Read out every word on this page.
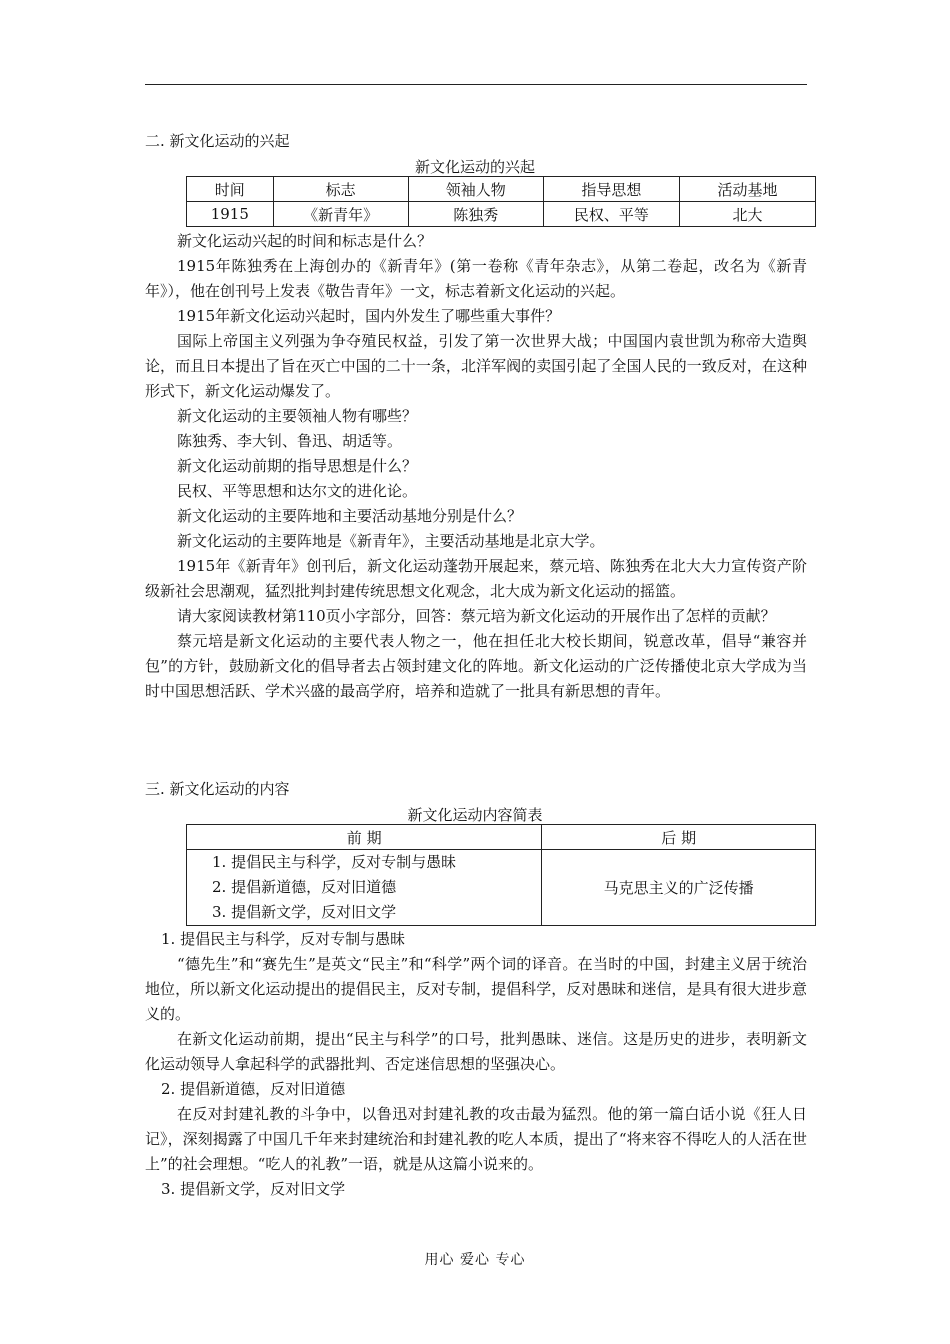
二. 新文化运动的兴起
新文化运动的兴起
时间	标志	领袖人物	指导思想	活动基地
1915	《新青年》	陈独秀	民权、平等	北大

新文化运动兴起的时间和标志是什么？

1915年陈独秀在上海创办的《新青年》(第一卷称《青年杂志》，从第二卷起，改名为《新青年》），他在创刊号上发表《敬告青年》一文，标志着新文化运动的兴起。

1915年新文化运动兴起时，国内外发生了哪些重大事件？

国际上帝国主义列强为争夺殖民权益，引发了第一次世界大战；中国国内袁世凯为称帝大造舆论，而且日本提出了旨在灭亡中国的二十一条，北洋军阀的卖国引起了全国人民的一致反对，在这种形式下，新文化运动爆发了。

新文化运动的主要领袖人物有哪些？

陈独秀、李大钊、鲁迅、胡适等。

新文化运动前期的指导思想是什么？

民权、平等思想和达尔文的进化论。

新文化运动的主要阵地和主要活动基地分别是什么？

新文化运动的主要阵地是《新青年》，主要活动基地是北京大学。

1915年《新青年》创刊后，新文化运动蓬勃开展起来，蔡元培、陈独秀在北大大力宣传资产阶级新社会思潮观，猛烈批判封建传统思想文化观念，北大成为新文化运动的摇篮。

请大家阅读教材第110页小字部分，回答：蔡元培为新文化运动的开展作出了怎样的贡献？

蔡元培是新文化运动的主要代表人物之一，他在担任北大校长期间，锐意改革，倡导“兼容并包”的方针，鼓励新文化的倡导者去占领封建文化的阵地。新文化运动的广泛传播使北京大学成为当时中国思想活跃、学术兴盛的最高学府，培养和造就了一批具有新思想的青年。

三. 新文化运动的内容
新文化运动内容简表
前 期	后 期

1. 提倡民主与科学，反对专制与愚昧
2. 提倡新道德，反对旧道德
3. 提倡新文学，反对旧文学	马克思主义的广泛传播

1. 提倡民主与科学，反对专制与愚昧

“德先生”和“赛先生”是英文“民主”和“科学”两个词的译音。在当时的中国，封建主义居于统治地位，所以新文化运动提出的提倡民主，反对专制，提倡科学，反对愚昧和迷信，是具有很大进步意义的。

在新文化运动前期，提出“民主与科学”的口号，批判愚昧、迷信。这是历史的进步，表明新文化运动领导人拿起科学的武器批判、否定迷信思想的坚强决心。

2. 提倡新道德，反对旧道德

在反对封建礼教的斗争中，以鲁迅对封建礼教的攻击最为猛烈。他的第一篇白话小说《狂人日记》，深刻揭露了中国几千年来封建统治和封建礼教的吃人本质，提出了“将来容不得吃人的人活在世上”的社会理想。“吃人的礼教”一语，就是从这篇小说来的。

3. 提倡新文学，反对旧文学

用心 爱心 专心
